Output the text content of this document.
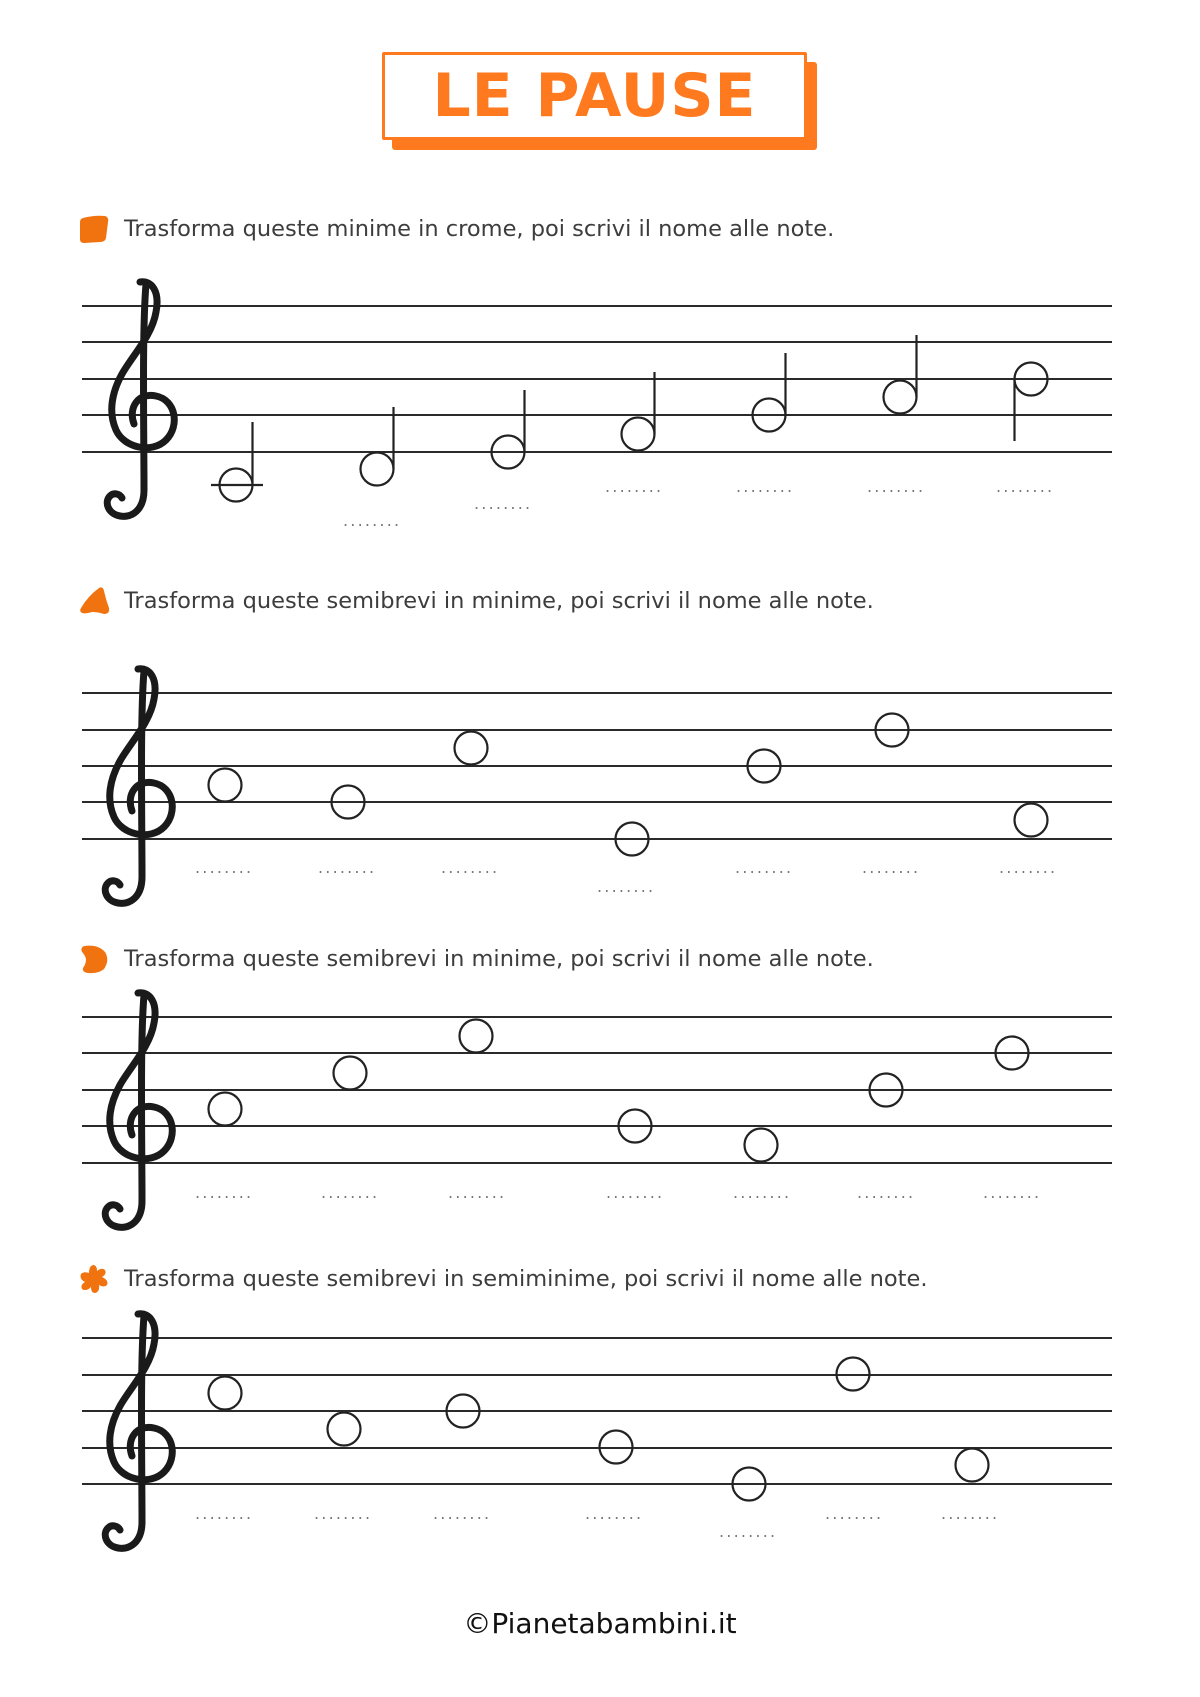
LE PAUSE
Trasforma queste minime in crome, poi scrivi il nome alle note.
Trasforma queste semibrevi in minime, poi scrivi il nome alle note.
Trasforma queste semibrevi in minime, poi scrivi il nome alle note.
Trasforma queste semibrevi in semiminime, poi scrivi il nome alle note.
........
........
........	........	........	........
........	........	........
........
........	........	........
........	........	........	........	........	........	........
........	........	........	........
........
........	........
©Pianetabambini.it
